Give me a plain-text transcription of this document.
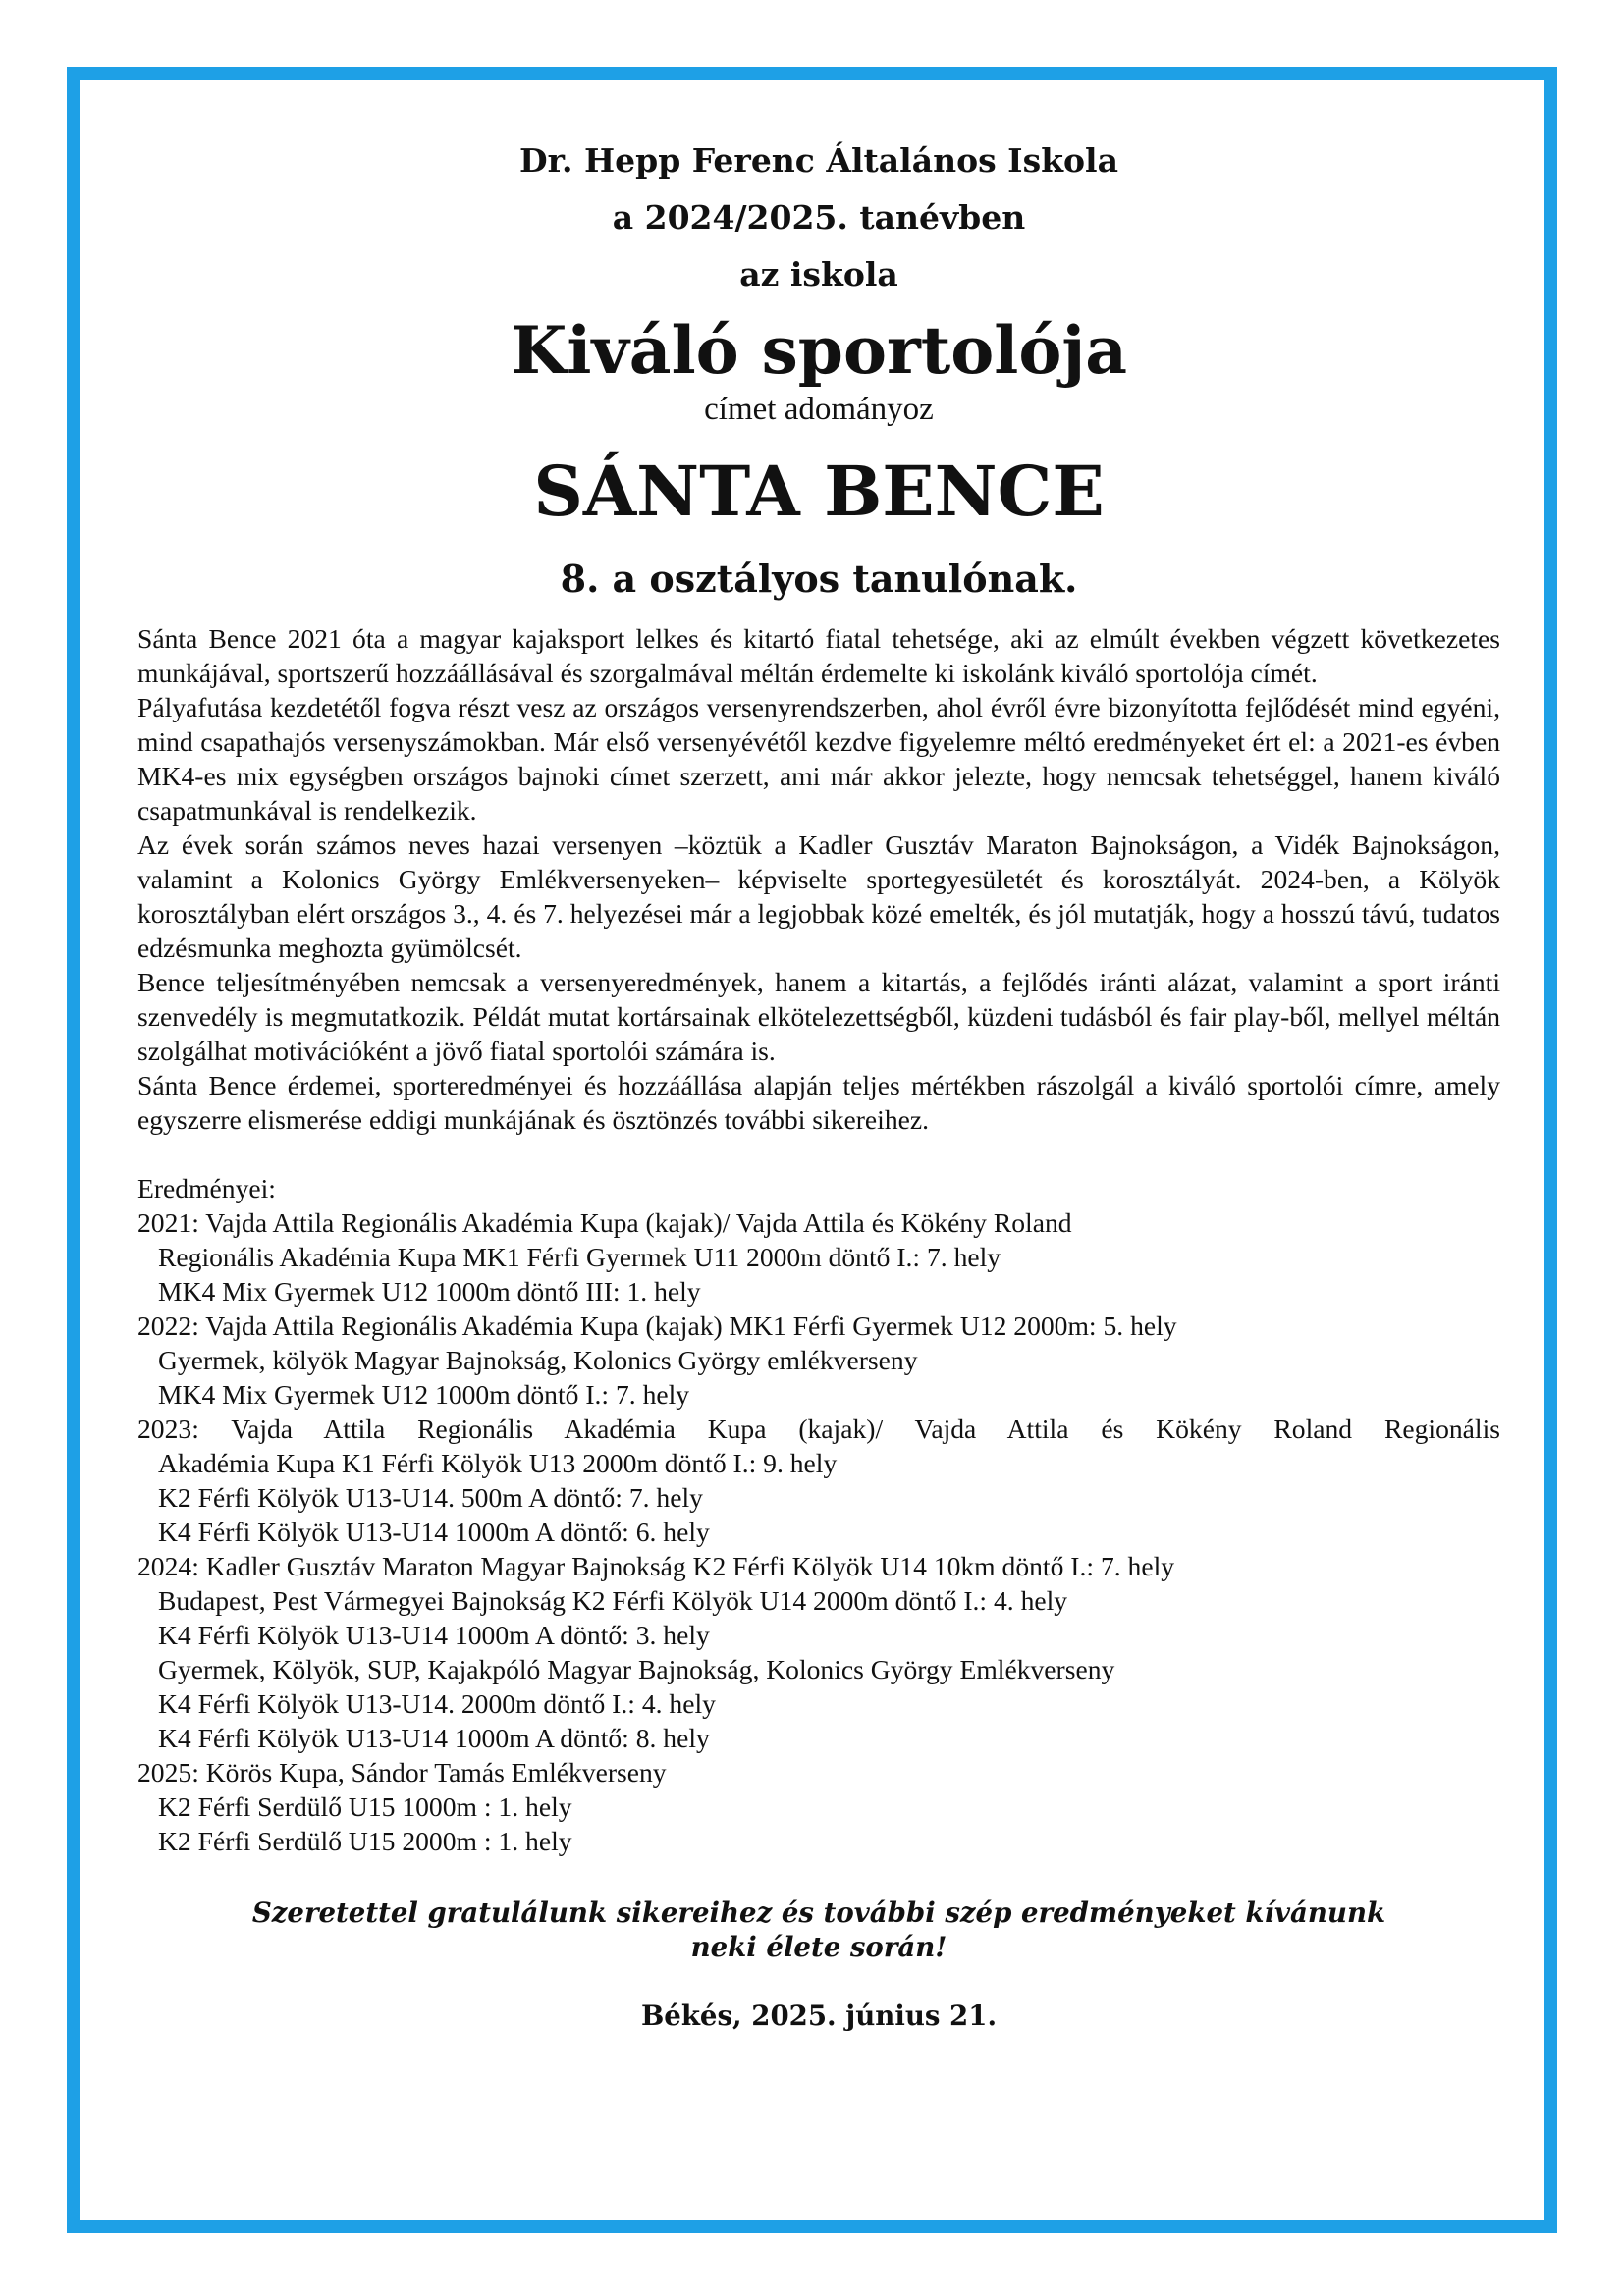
Dr. Hepp Ferenc Általános Iskola
a 2024/2025. tanévben
az iskola
Kiváló sportolója
címet adományoz
SÁNTA BENCE
8. a osztályos tanulónak.

Sánta Bence 2021 óta a magyar kajaksport lelkes és kitartó fiatal tehetsége, aki az elmúlt években végzett következetes munkájával, sportszerű hozzáállásával és szorgalmával méltán érdemelte ki iskolánk kiváló sportolója címét.

Pályafutása kezdetétől fogva részt vesz az országos versenyrendszerben, ahol évről évre bizonyította fejlődését mind egyéni, mind csapathajós versenyszámokban. Már első versenyévétől kezdve figyelemre méltó eredményeket ért el: a 2021-es évben MK4-es mix egységben országos bajnoki címet szerzett, ami már akkor jelezte, hogy nemcsak tehetséggel, hanem kiváló csapatmunkával is rendelkezik.

Az évek során számos neves hazai versenyen –köztük a Kadler Gusztáv Maraton Bajnokságon, a Vidék Bajnokságon, valamint a Kolonics György Emlékversenyeken– képviselte sportegyesületét és korosztályát. 2024-ben, a Kölyök korosztályban elért országos 3., 4. és 7. helyezései már a legjobbak közé emelték, és jól mutatják, hogy a hosszú távú, tudatos edzésmunka meghozta gyümölcsét.

Bence teljesítményében nemcsak a versenyeredmények, hanem a kitartás, a fejlődés iránti alázat, valamint a sport iránti szenvedély is megmutatkozik. Példát mutat kortársainak elkötelezettségből, küzdeni tudásból és fair play-ből, mellyel méltán szolgálhat motivációként a jövő fiatal sportolói számára is.

Sánta Bence érdemei, sporteredményei és hozzáállása alapján teljes mértékben rászolgál a kiváló sportolói címre, amely egyszerre elismerése eddigi munkájának és ösztönzés további sikereihez.

Eredményei:

2021: Vajda Attila Regionális Akadémia Kupa (kajak)/ Vajda Attila és Kökény Roland
Regionális Akadémia Kupa MK1 Férfi Gyermek U11 2000m döntő I.: 7. hely
MK4 Mix Gyermek U12 1000m döntő III: 1. hely
2022: Vajda Attila Regionális Akadémia Kupa (kajak) MK1 Férfi Gyermek U12 2000m: 5. hely
Gyermek, kölyök Magyar Bajnokság, Kolonics György emlékverseny
MK4 Mix Gyermek U12 1000m döntő I.: 7. hely
2023: Vajda Attila Regionális Akadémia Kupa (kajak)/ Vajda Attila és Kökény Roland Regionális
Akadémia Kupa K1 Férfi Kölyök U13 2000m döntő I.: 9. hely
K2 Férfi Kölyök U13-U14. 500m A döntő: 7. hely
K4 Férfi Kölyök U13-U14 1000m A döntő: 6. hely
2024: Kadler Gusztáv Maraton Magyar Bajnokság K2 Férfi Kölyök U14 10km döntő I.: 7. hely
Budapest, Pest Vármegyei Bajnokság K2 Férfi Kölyök U14 2000m döntő I.: 4. hely
K4 Férfi Kölyök U13-U14 1000m A döntő: 3. hely
Gyermek, Kölyök, SUP, Kajakpóló Magyar Bajnokság, Kolonics György Emlékverseny
K4 Férfi Kölyök U13-U14. 2000m döntő I.: 4. hely
K4 Férfi Kölyök U13-U14 1000m A döntő: 8. hely
2025: Körös Kupa, Sándor Tamás Emlékverseny
K2 Férfi Serdülő U15 1000m : 1. hely
K2 Férfi Serdülő U15 2000m : 1. hely
Szeretettel gratulálunk sikereihez és további szép eredményeket kívánunk
neki élete során!
Békés, 2025. június 21.
